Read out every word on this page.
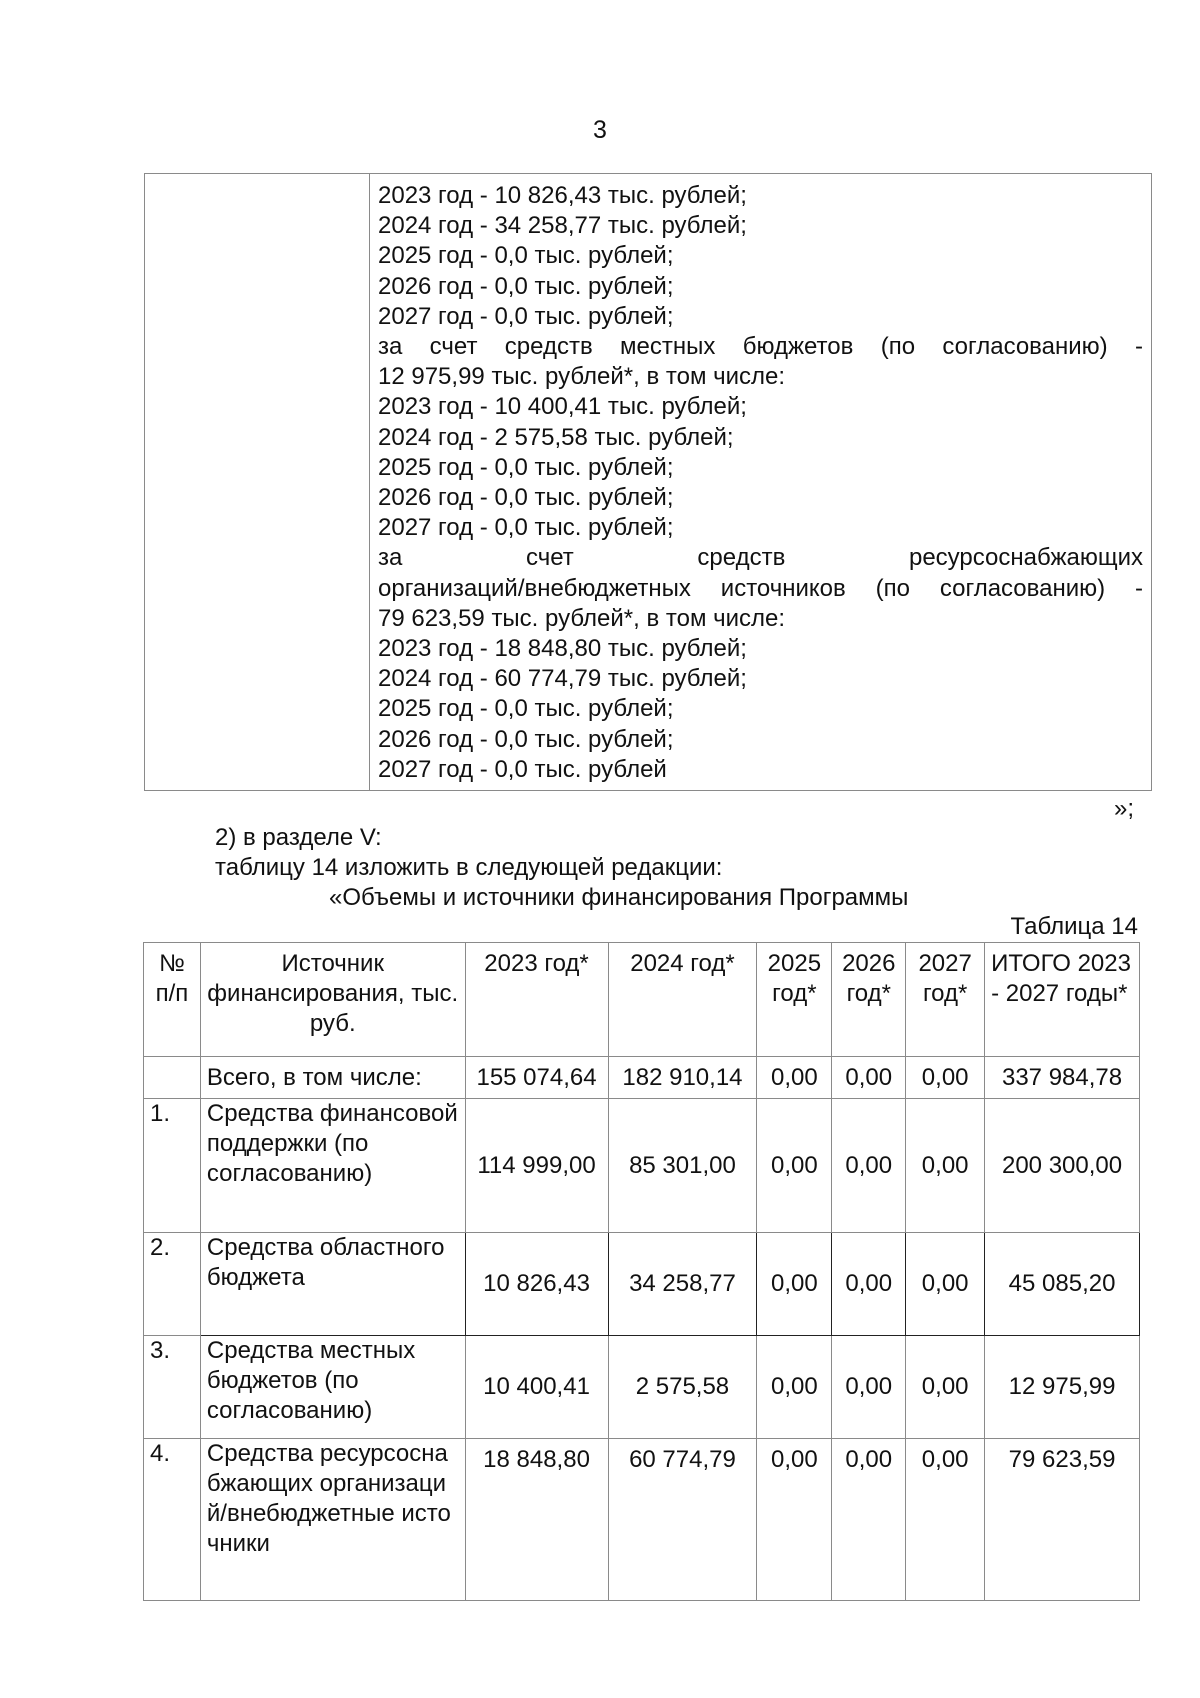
3

2023 год - 10 826,43 тыс. рублей;
2024 год - 34 258,77 тыс. рублей;
2025 год - 0,0 тыс. рублей;
2026 год - 0,0 тыс. рублей;
2027 год - 0,0 тыс. рублей;
за счет средств местных бюджетов (по согласованию) -
12 975,99 тыс. рублей*, в том числе:
2023 год - 10 400,41 тыс. рублей;
2024 год - 2 575,58 тыс. рублей;
2025 год - 0,0 тыс. рублей;
2026 год - 0,0 тыс. рублей;
2027 год - 0,0 тыс. рублей;
за счет средств ресурсоснабжающих
организаций/внебюджетных источников (по согласованию) -
79 623,59 тыс. рублей*, в том числе:
2023 год - 18 848,80 тыс. рублей;
2024 год - 60 774,79 тыс. рублей;
2025 год - 0,0 тыс. рублей;
2026 год - 0,0 тыс. рублей;
2027 год - 0,0 тыс. рублей
»;
2) в разделе V:
таблицу 14 изложить в следующей редакции:
«Объемы и источники финансирования Программы
Таблица 14
№ п/п	Источник финансирования, тыс. руб.	2023 год*	2024 год*	2025 год*	2026 год*	2027 год*	ИТОГО 2023 - 2027 годы*
	Всего, в том числе:	155 074,64	182 910,14	0,00	0,00	0,00	337 984,78
1.	Средства финансовой поддержки (по согласованию)	114 999,00	85 301,00	0,00	0,00	0,00	200 300,00
2.	Средства областного бюджета	10 826,43	34 258,77	0,00	0,00	0,00	45 085,20
3.	Средства местных бюджетов (по согласованию)	10 400,41	2 575,58	0,00	0,00	0,00	12 975,99
4.	Средства ресурсоснабжающих организаций/внебюджетные источники	18 848,80	60 774,79	0,00	0,00	0,00	79 623,59
